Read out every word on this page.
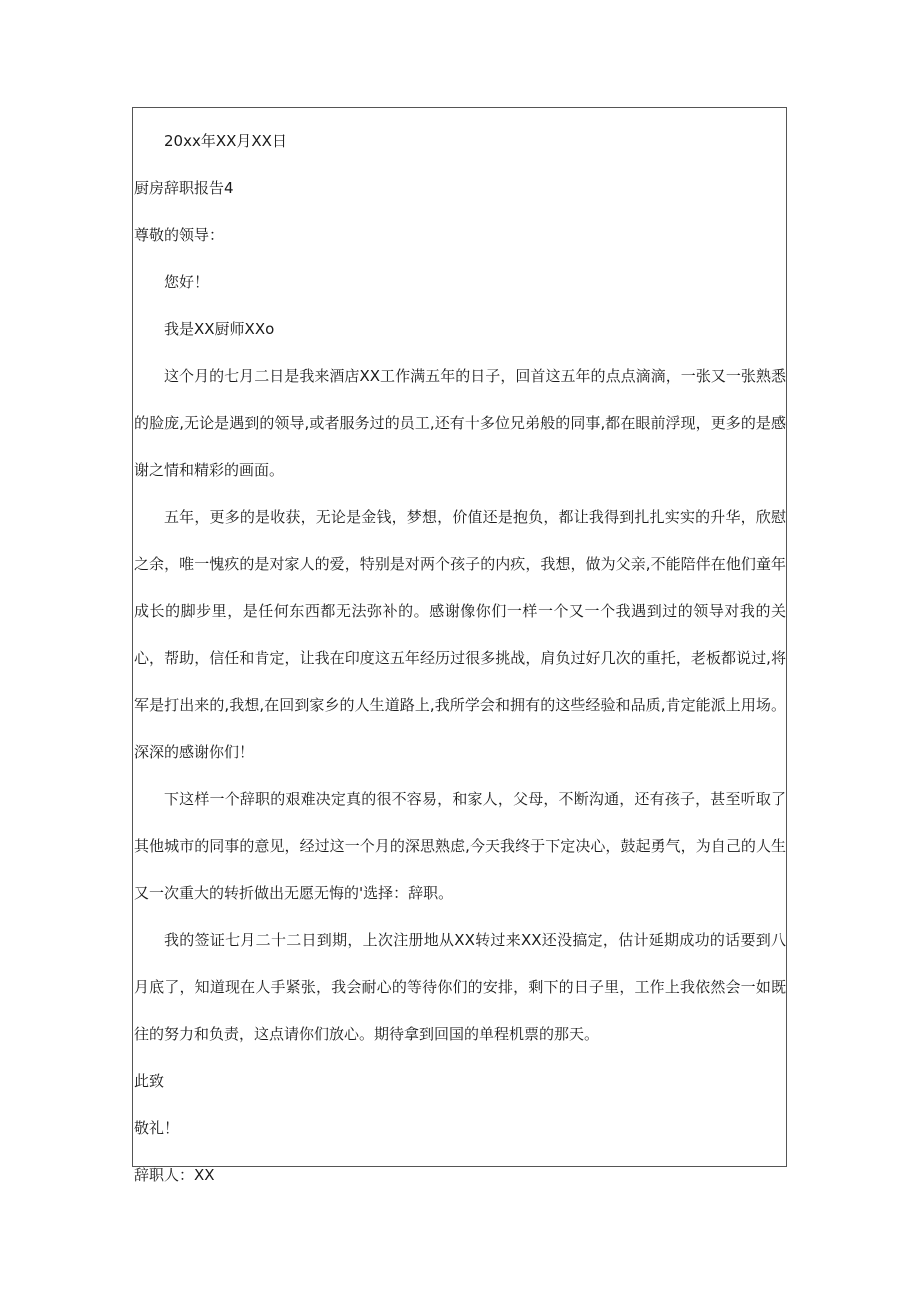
20xx年XX月XX日

厨房辞职报告4

尊敬的领导：

您好！

我是XX厨师XXo

这个月的七月二日是我来酒店XX工作满五年的日子，回首这五年的点点滴滴，一张又一张熟悉的脸庞,无论是遇到的领导,或者服务过的员工,还有十多位兄弟般的同事,都在眼前浮现，更多的是感谢之情和精彩的画面。

五年，更多的是收获，无论是金钱，梦想，价值还是抱负，都让我得到扎扎实实的升华，欣慰之余，唯一愧疚的是对家人的爱，特别是对两个孩子的内疚，我想，做为父亲,不能陪伴在他们童年成长的脚步里，是任何东西都无法弥补的。感谢像你们一样一个又一个我遇到过的领导对我的关心，帮助，信任和肯定，让我在印度这五年经历过很多挑战，肩负过好几次的重托，老板都说过,将军是打出来的,我想,在回到家乡的人生道路上,我所学会和拥有的这些经验和品质,肯定能派上用场。深深的感谢你们！

下这样一个辞职的艰难决定真的很不容易，和家人，父母，不断沟通，还有孩子，甚至听取了其他城市的同事的意见，经过这一个月的深思熟虑,今天我终于下定决心，鼓起勇气，为自己的人生又一次重大的转折做出无愿无悔的'选择：辞职。

我的签证七月二十二日到期，上次注册地从XX转过来XX还没搞定，估计延期成功的话要到八月底了，知道现在人手紧张，我会耐心的等待你们的安排，剩下的日子里，工作上我依然会一如既往的努力和负责，这点请你们放心。期待拿到回国的单程机票的那天。

此致

敬礼！

辞职人：XX
